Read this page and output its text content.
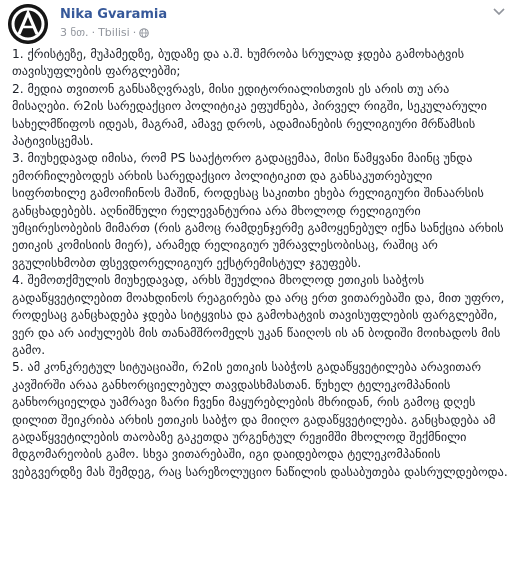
Nika Gvaramia
3 ნთ. · Tbilisi ·

1. ქრისტეზე, მუჰამედზე, ბუდაზე და ა.შ. ხუმრობა სრულად ჯდება გამოხატვის თავისუფლების ფარგლებში;

2. მედია თვითონ განსაზღვრავს, მისი ედიტორიალისთვის ეს არის თუ არა მისაღები. რ2ის სარედაქციო პოლიტიკა ეფუძნება, პირველ რიგში, სეკულარული სახელმწიფოს იდეას, მაგრამ, ამავე დროს, ადამიანების რელიგიური მრწამსის პატივისცემას.

3. მიუხედავად იმისა, რომ PS სააქტორო გადაცემაა, მისი წამყვანი მაინც უნდა ემორჩილებოდეს არხის სარედაქციო პოლიტიკით და განსაკუთრებული სიფრთხილე გამოიჩინოს მაშინ, როდესაც საკითხი ეხება რელიგიური შინაარსის განცხადებებს. აღნიშნული რელევანტურია არა მხოლოდ რელიგიური უმცირესობების მიმართ (რის გამოც რამდენჯერმე გამოყენებულ იქნა სანქცია არხის ეთიკის კომისიის მიერ), არამედ რელიგიურ უმრავლესობისაც, რაშიც არ ვგულისხმობთ ფსევდორელიგიურ ექსტრემისტულ ჯგუფებს.

4. შემოთქმულის მიუხედავად, არხს შეუძლია მხოლოდ ეთიკის საბჭოს გადაწყვეტილებით მოახდინოს რეაგირება და არც ერთ ვითარებაში და, მით უფრო, როდესაც განცხადება ჯდება სიტყვისა და გამოხატვის თავისუფლების ფარგლებში, ვერ და არ აიძულებს მის თანამშრომელს უკან წაიღოს ის ან ბოდიში მოიხადოს მის გამო.

5. ამ კონკრეტულ სიტუაციაში, რ2ის ეთიკის საბჭოს გადაწყვეტილება არავითარ კავშირში არაა განხორციელებულ თავდასხმასთან. წუხელ ტელეკომპანიის განხორციელდა უამრავი ზარი ჩვენი მაყურებლების მხრიდან, რის გამოც დღეს დილით შეიკრიბა არხის ეთიკის საბჭო და მიიღო გადაწყვეტილება. განცხადება ამ გადაწყვეტილების თაობაზე გაკეთდა ურგენტულ რეჟიმში მხოლოდ შექმნილი მდგომარეობის გამო. სხვა ვითარებაში, იგი დაიდებოდა ტელეკომპანიის ვებგვერდზე მას შემდეგ, რაც სარეზოლუციო ნაწილის დასაბუთება დასრულდებოდა.
